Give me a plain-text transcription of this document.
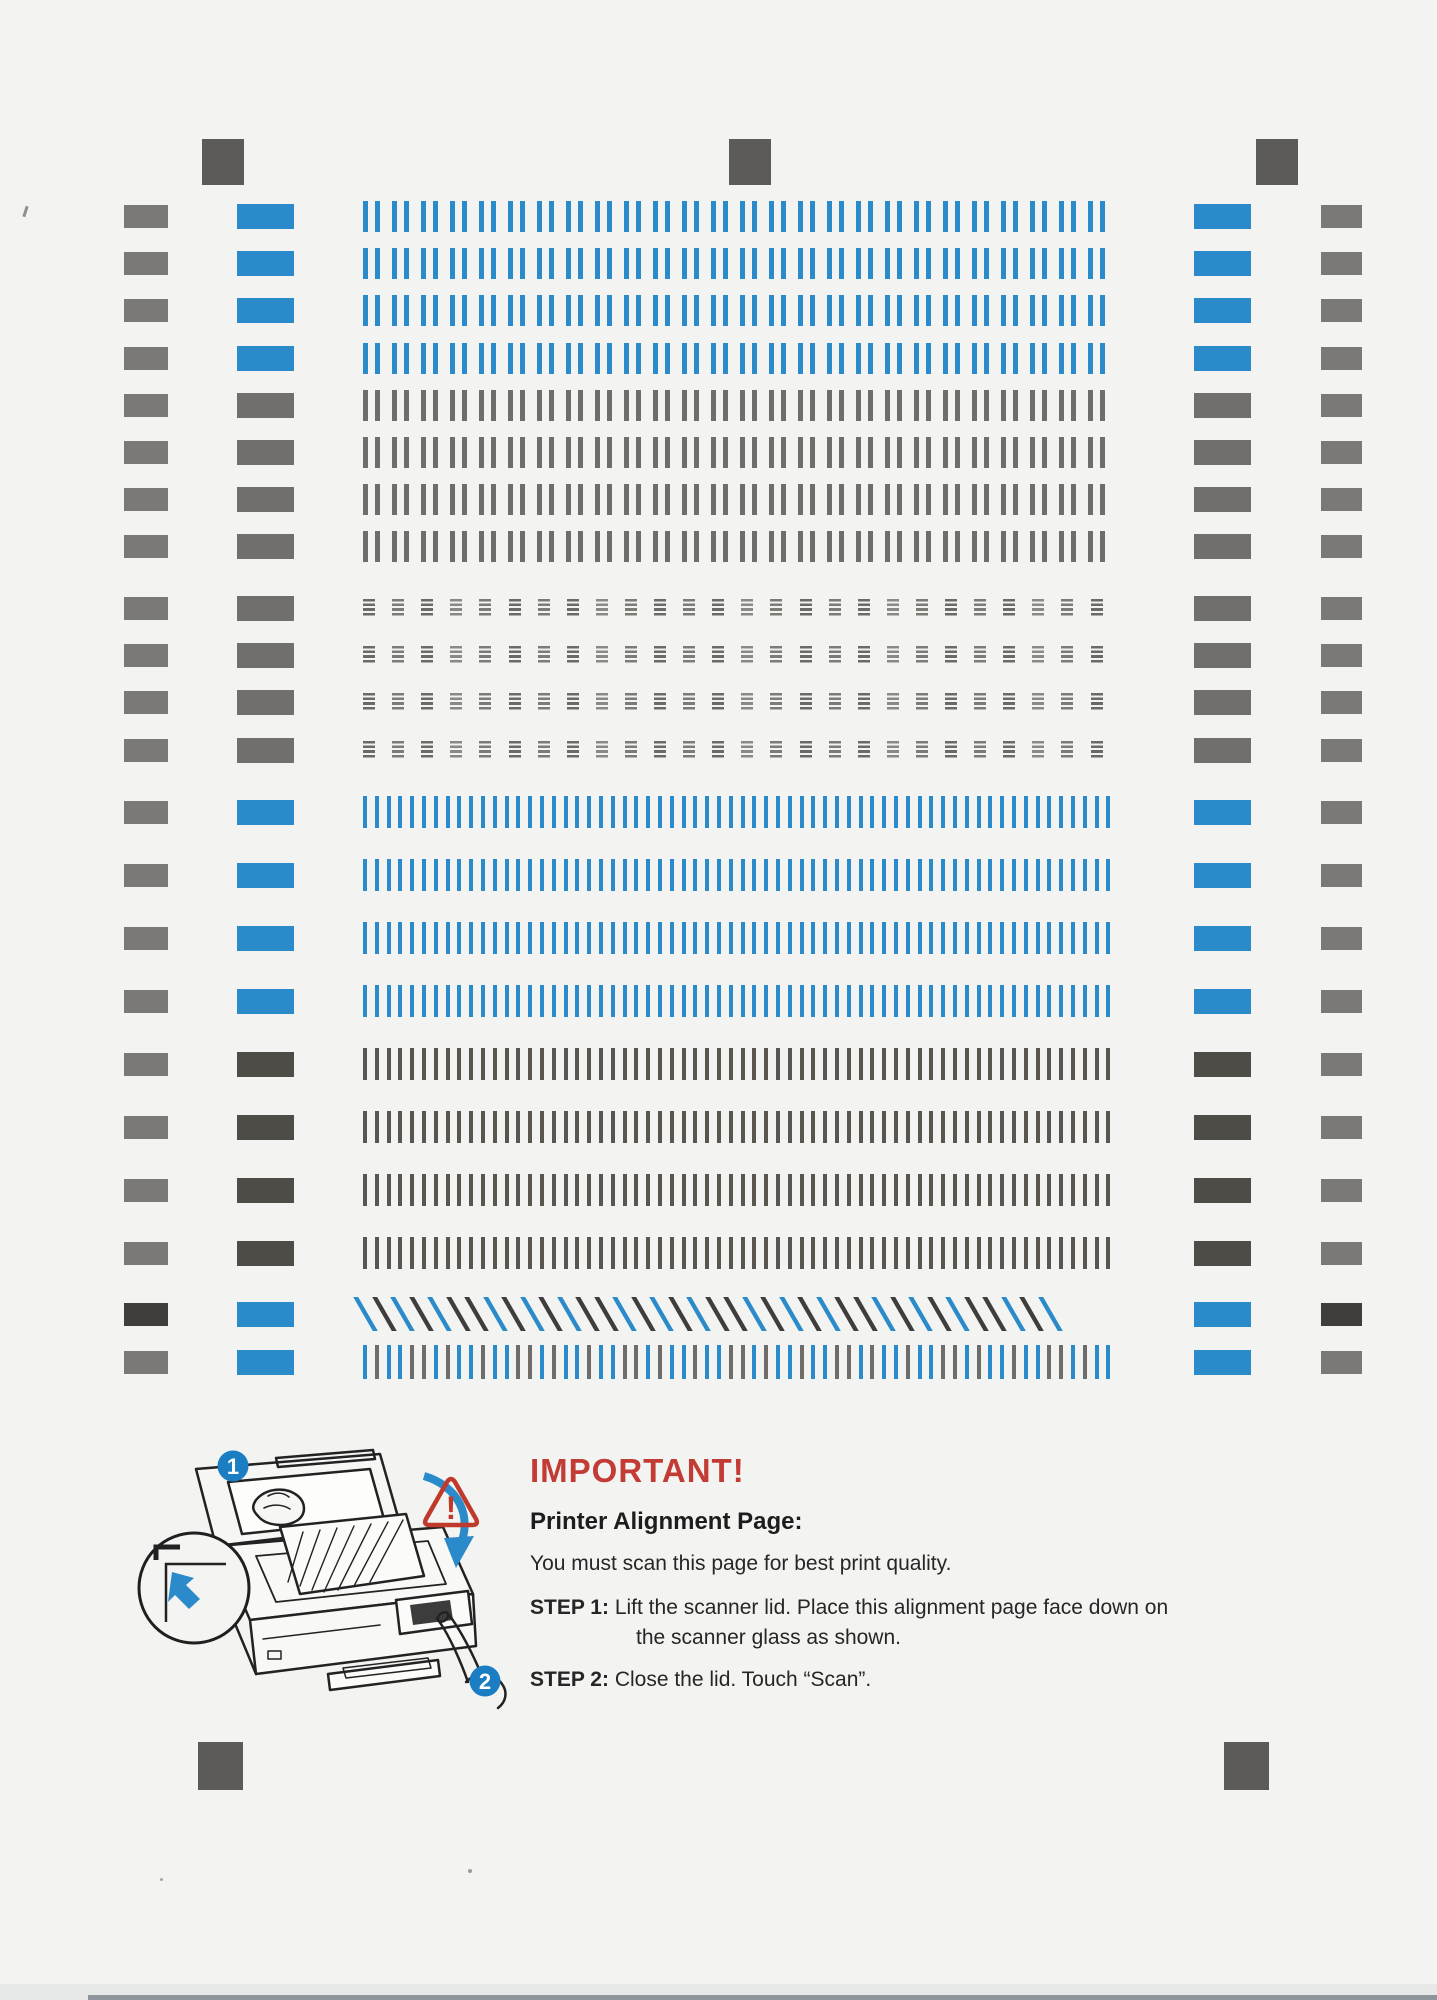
!
1
2
IMPORTANT!
Printer Alignment Page:
You must scan this page for best print quality.
STEP 1: Lift the scanner lid. Place this alignment page face down on
the scanner glass as shown.
STEP 2: Close the lid. Touch “Scan”.
